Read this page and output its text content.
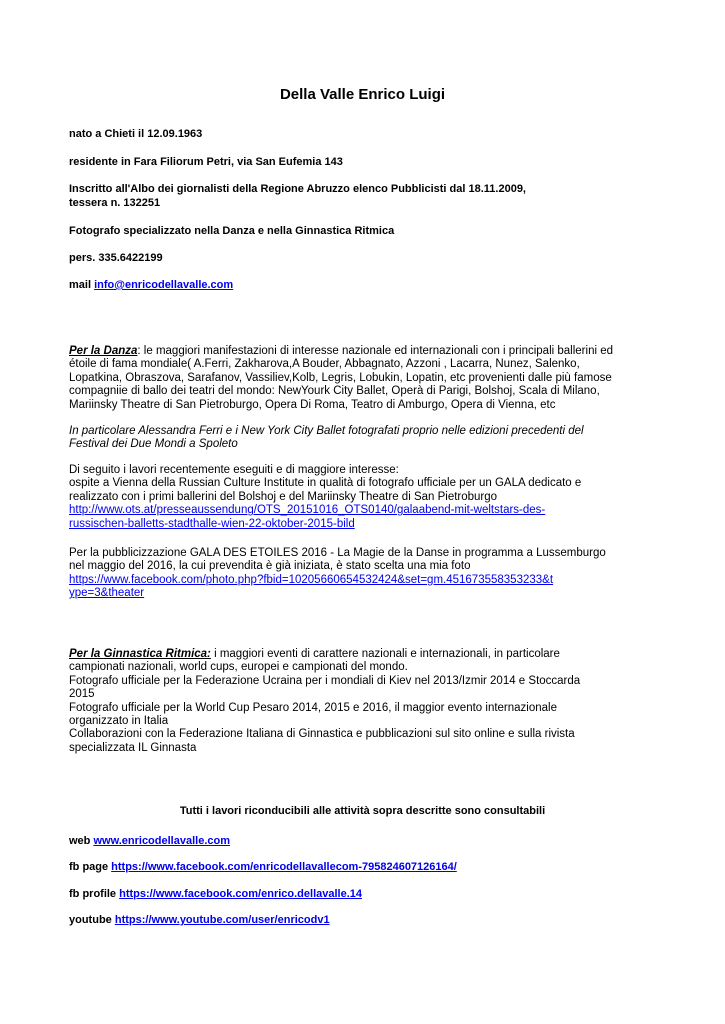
Della Valle Enrico Luigi
nato a Chieti il 12.09.1963
residente in Fara Filiorum Petri, via San Eufemia 143
Inscritto all'Albo dei giornalisti della Regione Abruzzo elenco Pubblicisti dal 18.11.2009,
tessera n. 132251
Fotografo specializzato nella Danza e nella Ginnastica Ritmica
pers. 335.6422199
mail info@enricodellavalle.com
Per la Danza: le maggiori manifestazioni di interesse nazionale ed internazionali con i principali ballerini ed
étoile di fama mondiale( A.Ferri, Zakharova,A Bouder, Abbagnato, Azzoni , Lacarra, Nunez, Salenko,
Lopatkina, Obraszova, Sarafanov, Vassiliev,Kolb, Legris, Lobukin, Lopatin, etc provenienti dalle più famose
compagniie di ballo dei teatri del mondo: NewYourk City Ballet, Operà di Parigi, Bolshoj, Scala di Milano,
Mariinsky Theatre di San Pietroburgo, Opera Di Roma, Teatro di Amburgo, Opera di Vienna, etc
In particolare Alessandra Ferri e i New York City Ballet fotografati proprio nelle edizioni precedenti del
Festival dei Due Mondi a Spoleto
Di seguito i lavori recentemente eseguiti e di maggiore interesse:
ospite a Vienna della Russian Culture Institute in qualità di fotografo ufficiale per un GALA dedicato e
realizzato con i primi ballerini del Bolshoj e del Mariinsky Theatre di San Pietroburgo
http://www.ots.at/presseaussendung/OTS_20151016_OTS0140/galaabend-mit-weltstars-des-
russischen-balletts-stadthalle-wien-22-oktober-2015-bild
Per la pubblicizzazione GALA DES ETOILES 2016 - La Magie de la Danse in programma a Lussemburgo
nel maggio del 2016, la cui prevendita è già iniziata, è stato scelta una mia foto
https://www.facebook.com/photo.php?fbid=10205660654532424&set=gm.451673558353233&t
ype=3&theater
Per la Ginnastica Ritmica: i maggiori eventi di carattere nazionali e internazionali, in particolare
campionati nazionali, world cups, europei e campionati del mondo.
Fotografo ufficiale per la Federazione Ucraina per i mondiali di Kiev nel 2013/Izmir 2014 e Stoccarda
2015
Fotografo ufficiale per la World Cup Pesaro 2014, 2015 e 2016, il maggior evento internazionale
organizzato in Italia
Collaborazioni con la Federazione Italiana di Ginnastica e pubblicazioni sul sito online e sulla rivista
specializzata IL Ginnasta
Tutti i lavori riconducibili alle attività sopra descritte sono consultabili
web www.enricodellavalle.com
fb page https://www.facebook.com/enricodellavallecom-795824607126164/
fb profile https://www.facebook.com/enrico.dellavalle.14
youtube https://www.youtube.com/user/enricodv1
